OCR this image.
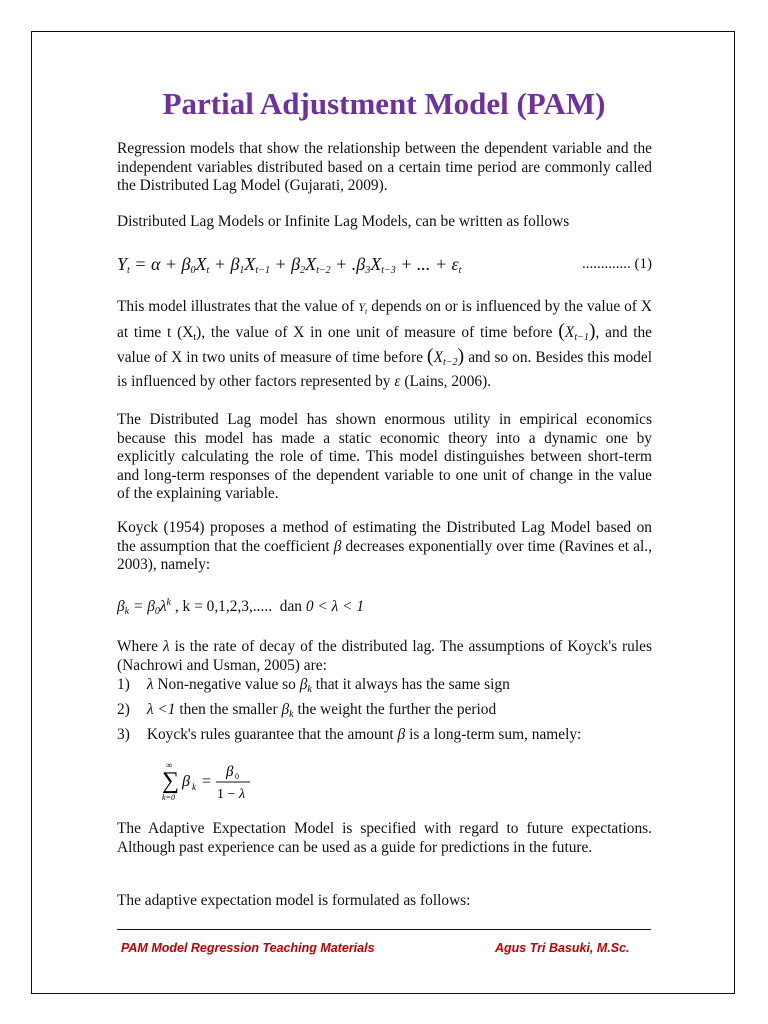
Partial Adjustment Model (PAM)

Regression models that show the relationship between the dependent variable and the independent variables distributed based on a certain time period are commonly called the Distributed Lag Model (Gujarati, 2009).

Distributed Lag Models or Infinite Lag Models, can be written as follows

$Y_t = \alpha + \beta_0X_t + \beta_1X_{t-1} + \beta_2X_{t-2} + .\beta_3X_{t-3}$ + ... + $\varepsilon_t$	............. (1)

This model illustrates that the value of $Y_t$ depends on or is influenced by the value of X at time t $(X_t)$, the value of X in one unit of measure of time before $(X_{t-1})$, and the value of X in two units of measure of time before $(X_{t-2})$ and so on. Besides this model is influenced by other factors represented by ε (Lains, 2006).

The Distributed Lag model has shown enormous utility in empirical economics because this model has made a static economic theory into a dynamic one by explicitly calculating the role of time. This model distinguishes between short-term and long-term responses of the dependent variable to one unit of change in the value of the explaining variable.

Koyck (1954) proposes a method of estimating the Distributed Lag Model based on the assumption that the coefficient β decreases exponentially over time (Ravines et al., 2003), namely:

$\beta_k = \beta_0\lambda^k$ , k = 0,1,2,3,..... dan 0 < λ < 1

Where λ is the rate of decay of the distributed lag. The assumptions of Koyck's rules (Nachrowi and Usman, 2005) are:

1)	λ Non-negative value so $\beta_k$ that it always has the same sign
2)	λ <1 then the smaller $\beta_k$ the weight the further the period
3)	Koyck's rules guarantee that the amount β is a long-term sum, namely:
∞
∑
k=0
β k =
β 0
1 − λ

The Adaptive Expectation Model is specified with regard to future expectations. Although past experience can be used as a guide for predictions in the future.

The adaptive expectation model is formulated as follows:

PAM Model Regression Teaching Materials	Agus Tri Basuki, M.Sc.
